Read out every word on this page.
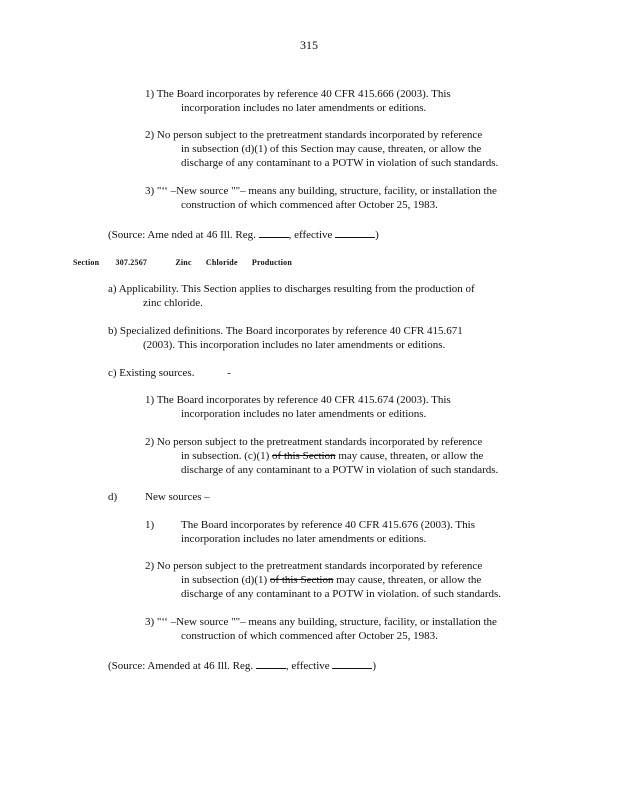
315
1) The Board incorporates by reference 40 CFR 415.666 (2003). This
incorporation includes no later amendments or editions.
2) No person subject to the pretreatment standards incorporated by reference
in subsection (d)(1) of this Section may cause, threaten, or allow the
discharge of any contaminant to a POTW in violation of such standards.
3) "‘‘ –New source ""– means any building, structure, facility, or installation the
construction of which commenced after October 25, 1983.
(Source: Ame nded at 46 Ill. Reg.	, effective	)
Section 307.2567	Zinc Chloride Production
a) Applicability. This Section applies to discharges resulting from the production of
zinc chloride.
b) Specialized definitions. The Board incorporates by reference 40 CFR 415.671
(2003). This incorporation includes no later amendments or editions.
c) Existing sources.	-
1) The Board incorporates by reference 40 CFR 415.674 (2003). This
incorporation includes no later amendments or editions.
2) No person subject to the pretreatment standards incorporated by reference
in subsection. (c)(1) of this Section may cause, threaten, or allow the
discharge of any contaminant to a POTW in violation of such standards.
d)	New sources –
1) The Board incorporates by reference 40 CFR 415.676 (2003). This
incorporation includes no later amendments or editions.
2) No person subject to the pretreatment standards incorporated by reference
in subsection (d)(1) of this Section may cause, threaten, or allow the
discharge of any contaminant to a POTW in violation. of such standards.
3) "‘‘ –New source ""– means any building, structure, facility, or installation the
construction of which commenced after October 25, 1983.
(Source: Amended at 46 Ill. Reg.	, effective	)
